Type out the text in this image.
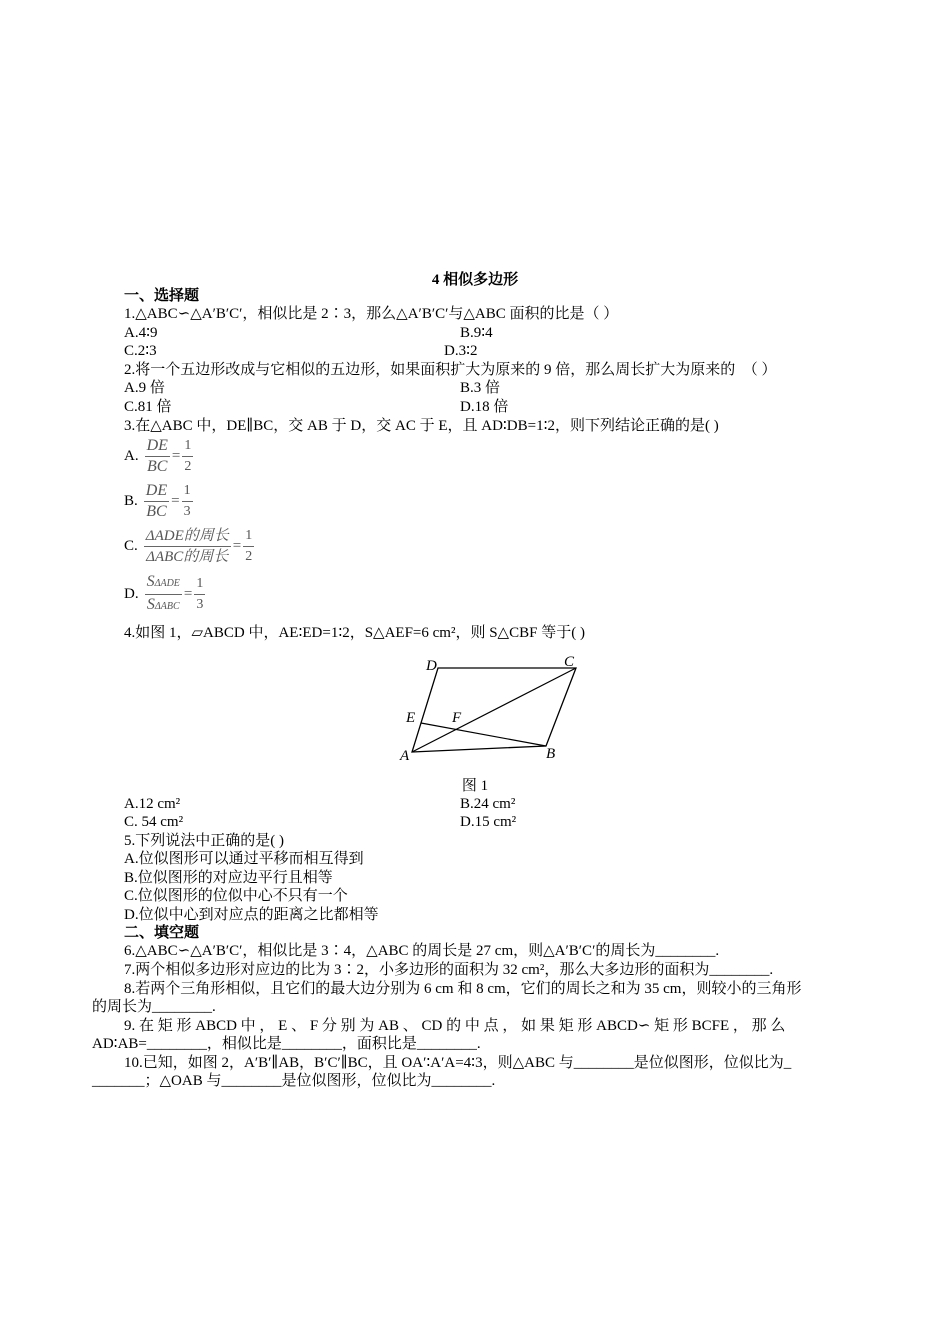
4 相似多边形
一、选择题
1.△ABC∽△A′B′C′，相似比是 2∶3，那么△A′B′C′与△ABC 面积的比是（ ）
A.4∶9	B.9∶4
C.2∶3	D.3∶2
2.将一个五边形改成与它相似的五边形，如果面积扩大为原来的 9 倍，那么周长扩大为原来的　（ ）
A.9 倍	B.3 倍
C.81 倍	D.18 倍
3.在△ABC 中，DE∥BC，交 AB 于 D，交 AC 于 E，且 AD∶DB=1∶2，则下列结论正确的是( )
A. $\frac{DE}{BC} = \frac{1}{2}$
B. $\frac{DE}{BC} = \frac{1}{3}$
C. $\frac{\text{ΔADE的周长}}{\text{ΔABC的周长}} = \frac{1}{2}$
D. $\frac{\text{SΔADE}}{\text{SΔABC}} = \frac{1}{3}$
4.如图 1，▱ABCD 中，AE∶ED=1∶2，S△AEF=6 cm²，则 S△CBF 等于( )
D	C
E F
A	B
图 1
A.12 cm²	B.24 cm²
C. 54 cm²	D.15 cm²
5.下列说法中正确的是( )
A.位似图形可以通过平移而相互得到
B.位似图形的对应边平行且相等
C.位似图形的位似中心不只有一个
D.位似中心到对应点的距离之比都相等
二、填空题
6.△ABC∽△A′B′C′，相似比是 3∶4，△ABC 的周长是 27 cm，则△A′B′C′的周长为________.
7.两个相似多边形对应边的比为 3∶2，小多边形的面积为 32 cm²，那么大多边形的面积为________.
8.若两个三角形相似，且它们的最大边分别为 6 cm 和 8 cm，它们的周长之和为 35 cm，则较小的三角形
的周长为________.
9. 在 矩 形 ABCD 中 ， E 、 F 分 别 为 AB 、 CD 的 中 点 ， 如 果 矩 形 ABCD∽ 矩 形 BCFE ， 那 么
AD∶AB=________，相似比是________，面积比是________.
10.已知，如图 2，A′B′∥AB，B′C′∥BC，且 OA′∶A′A=4∶3，则△ABC 与________是位似图形，位似比为_
_______；△OAB 与________是位似图形，位似比为________.
